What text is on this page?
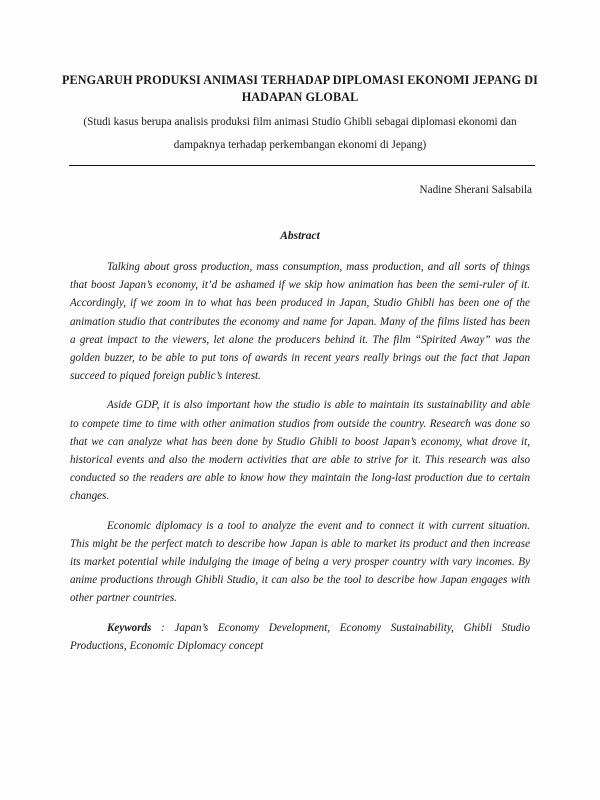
PENGARUH PRODUKSI ANIMASI TERHADAP DIPLOMASI EKONOMI JEPANG DI HADAPAN GLOBAL

(Studi kasus berupa analisis produksi film animasi Studio Ghibli sebagai diplomasi ekonomi dan dampaknya terhadap perkembangan ekonomi di Jepang)

Nadine Sherani Salsabila
Abstract

Talking about gross production, mass consumption, mass production, and all sorts of things that boost Japan’s economy, it’d be ashamed if we skip how animation has been the semi-ruler of it. Accordingly, if we zoom in to what has been produced in Japan, Studio Ghibli has been one of the animation studio that contributes the economy and name for Japan. Many of the films listed has been a great impact to the viewers, let alone the producers behind it. The film “Spirited Away” was the golden buzzer, to be able to put tons of awards in recent years really brings out the fact that Japan succeed to piqued foreign public’s interest.

Aside GDP, it is also important how the studio is able to maintain its sustainability and able to compete time to time with other animation studios from outside the country. Research was done so that we can analyze what has been done by Studio Ghibli to boost Japan’s economy, what drove it, historical events and also the modern activities that are able to strive for it. This research was also conducted so the readers are able to know how they maintain the long-last production due to certain changes.

Economic diplomacy is a tool to analyze the event and to connect it with current situation. This might be the perfect match to describe how Japan is able to market its product and then increase its market potential while indulging the image of being a very prosper country with vary incomes. By anime productions through Ghibli Studio, it can also be the tool to describe how Japan engages with other partner countries.

Keywords : Japan’s Economy Development, Economy Sustainability, Ghibli Studio Productions, Economic Diplomacy concept
